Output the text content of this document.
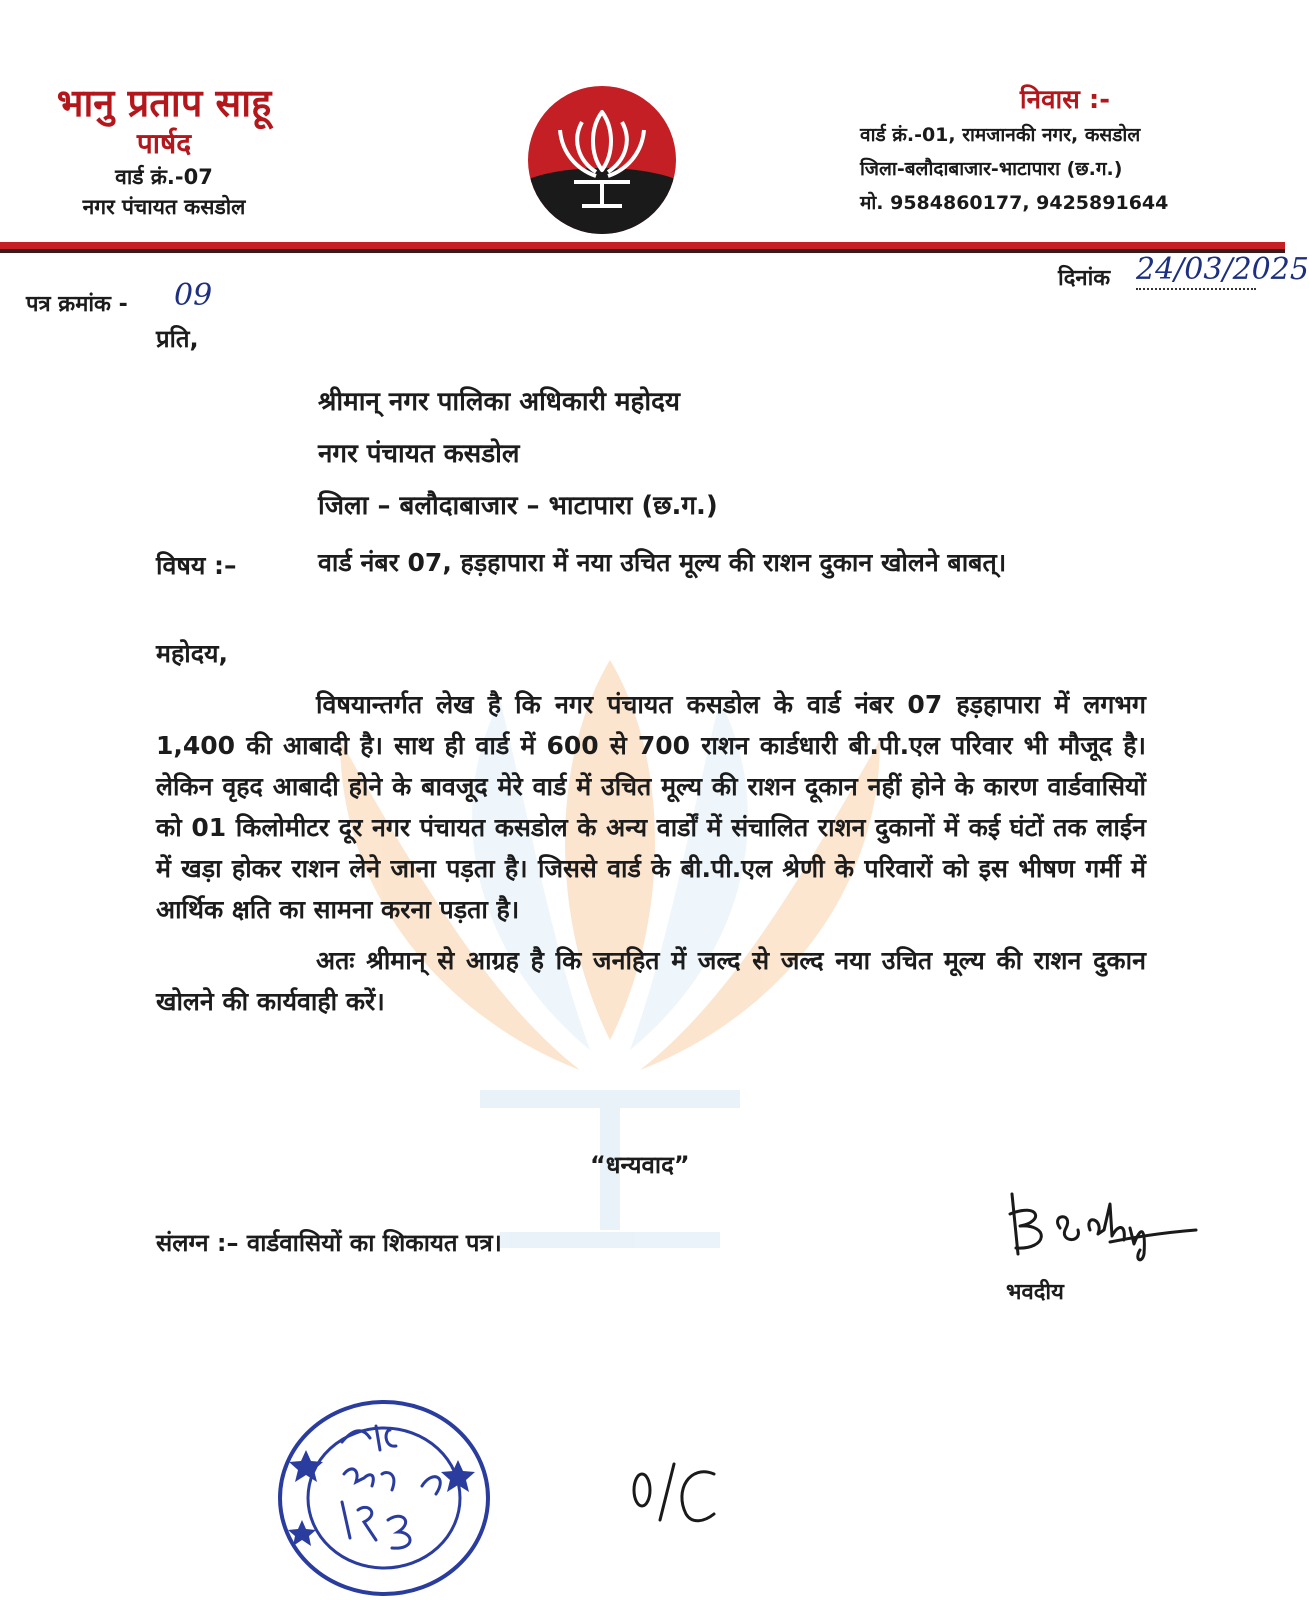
भानु प्रताप साहू
पार्षद
वार्ड क्रं.-07
नगर पंचायत कसडोल
निवास :-
वार्ड क्रं.-01, रामजानकी नगर, कसडोल
जिला-बलौदाबाजार-भाटापारा (छ.ग.)
मो. 9584860177, 9425891644
दिनांक 24/03/2025
पत्र क्रमांक - 09
प्रति,
श्रीमान् नगर पालिका अधिकारी महोदय
नगर पंचायत कसडोल
जिला – बलौदाबाजार – भाटापारा (छ.ग.)
विषय :–	वार्ड नंबर 07, हड़हापारा में नया उचित मूल्य की राशन दुकान खोलने बाबत्।
महोदय,

विषयान्तर्गत लेख है कि नगर पंचायत कसडोल के वार्ड नंबर 07 हड़हापारा में लगभग 1,400 की आबादी है। साथ ही वार्ड में 600 से 700 राशन कार्डधारी बी.पी.एल परिवार भी मौजूद है। लेकिन वृहद आबादी होने के बावजूद मेरे वार्ड में उचित मूल्य की राशन दूकान नहीं होने के कारण वार्डवासियों को 01 किलोमीटर दूर नगर पंचायत कसडोल के अन्य वार्डों में संचालित राशन दुकानों में कई घंटों तक लाईन में खड़ा होकर राशन लेने जाना पड़ता है। जिससे वार्ड के बी.पी.एल श्रेणी के परिवारों को इस भीषण गर्मी में आर्थिक क्षति का सामना करना पड़ता है।

अतः श्रीमान् से आग्रह है कि जनहित में जल्द से जल्द नया उचित मूल्य की राशन दुकान खोलने की कार्यवाही करें।

“धन्यवाद”
संलग्न :– वार्डवासियों का शिकायत पत्र।
भवदीय
